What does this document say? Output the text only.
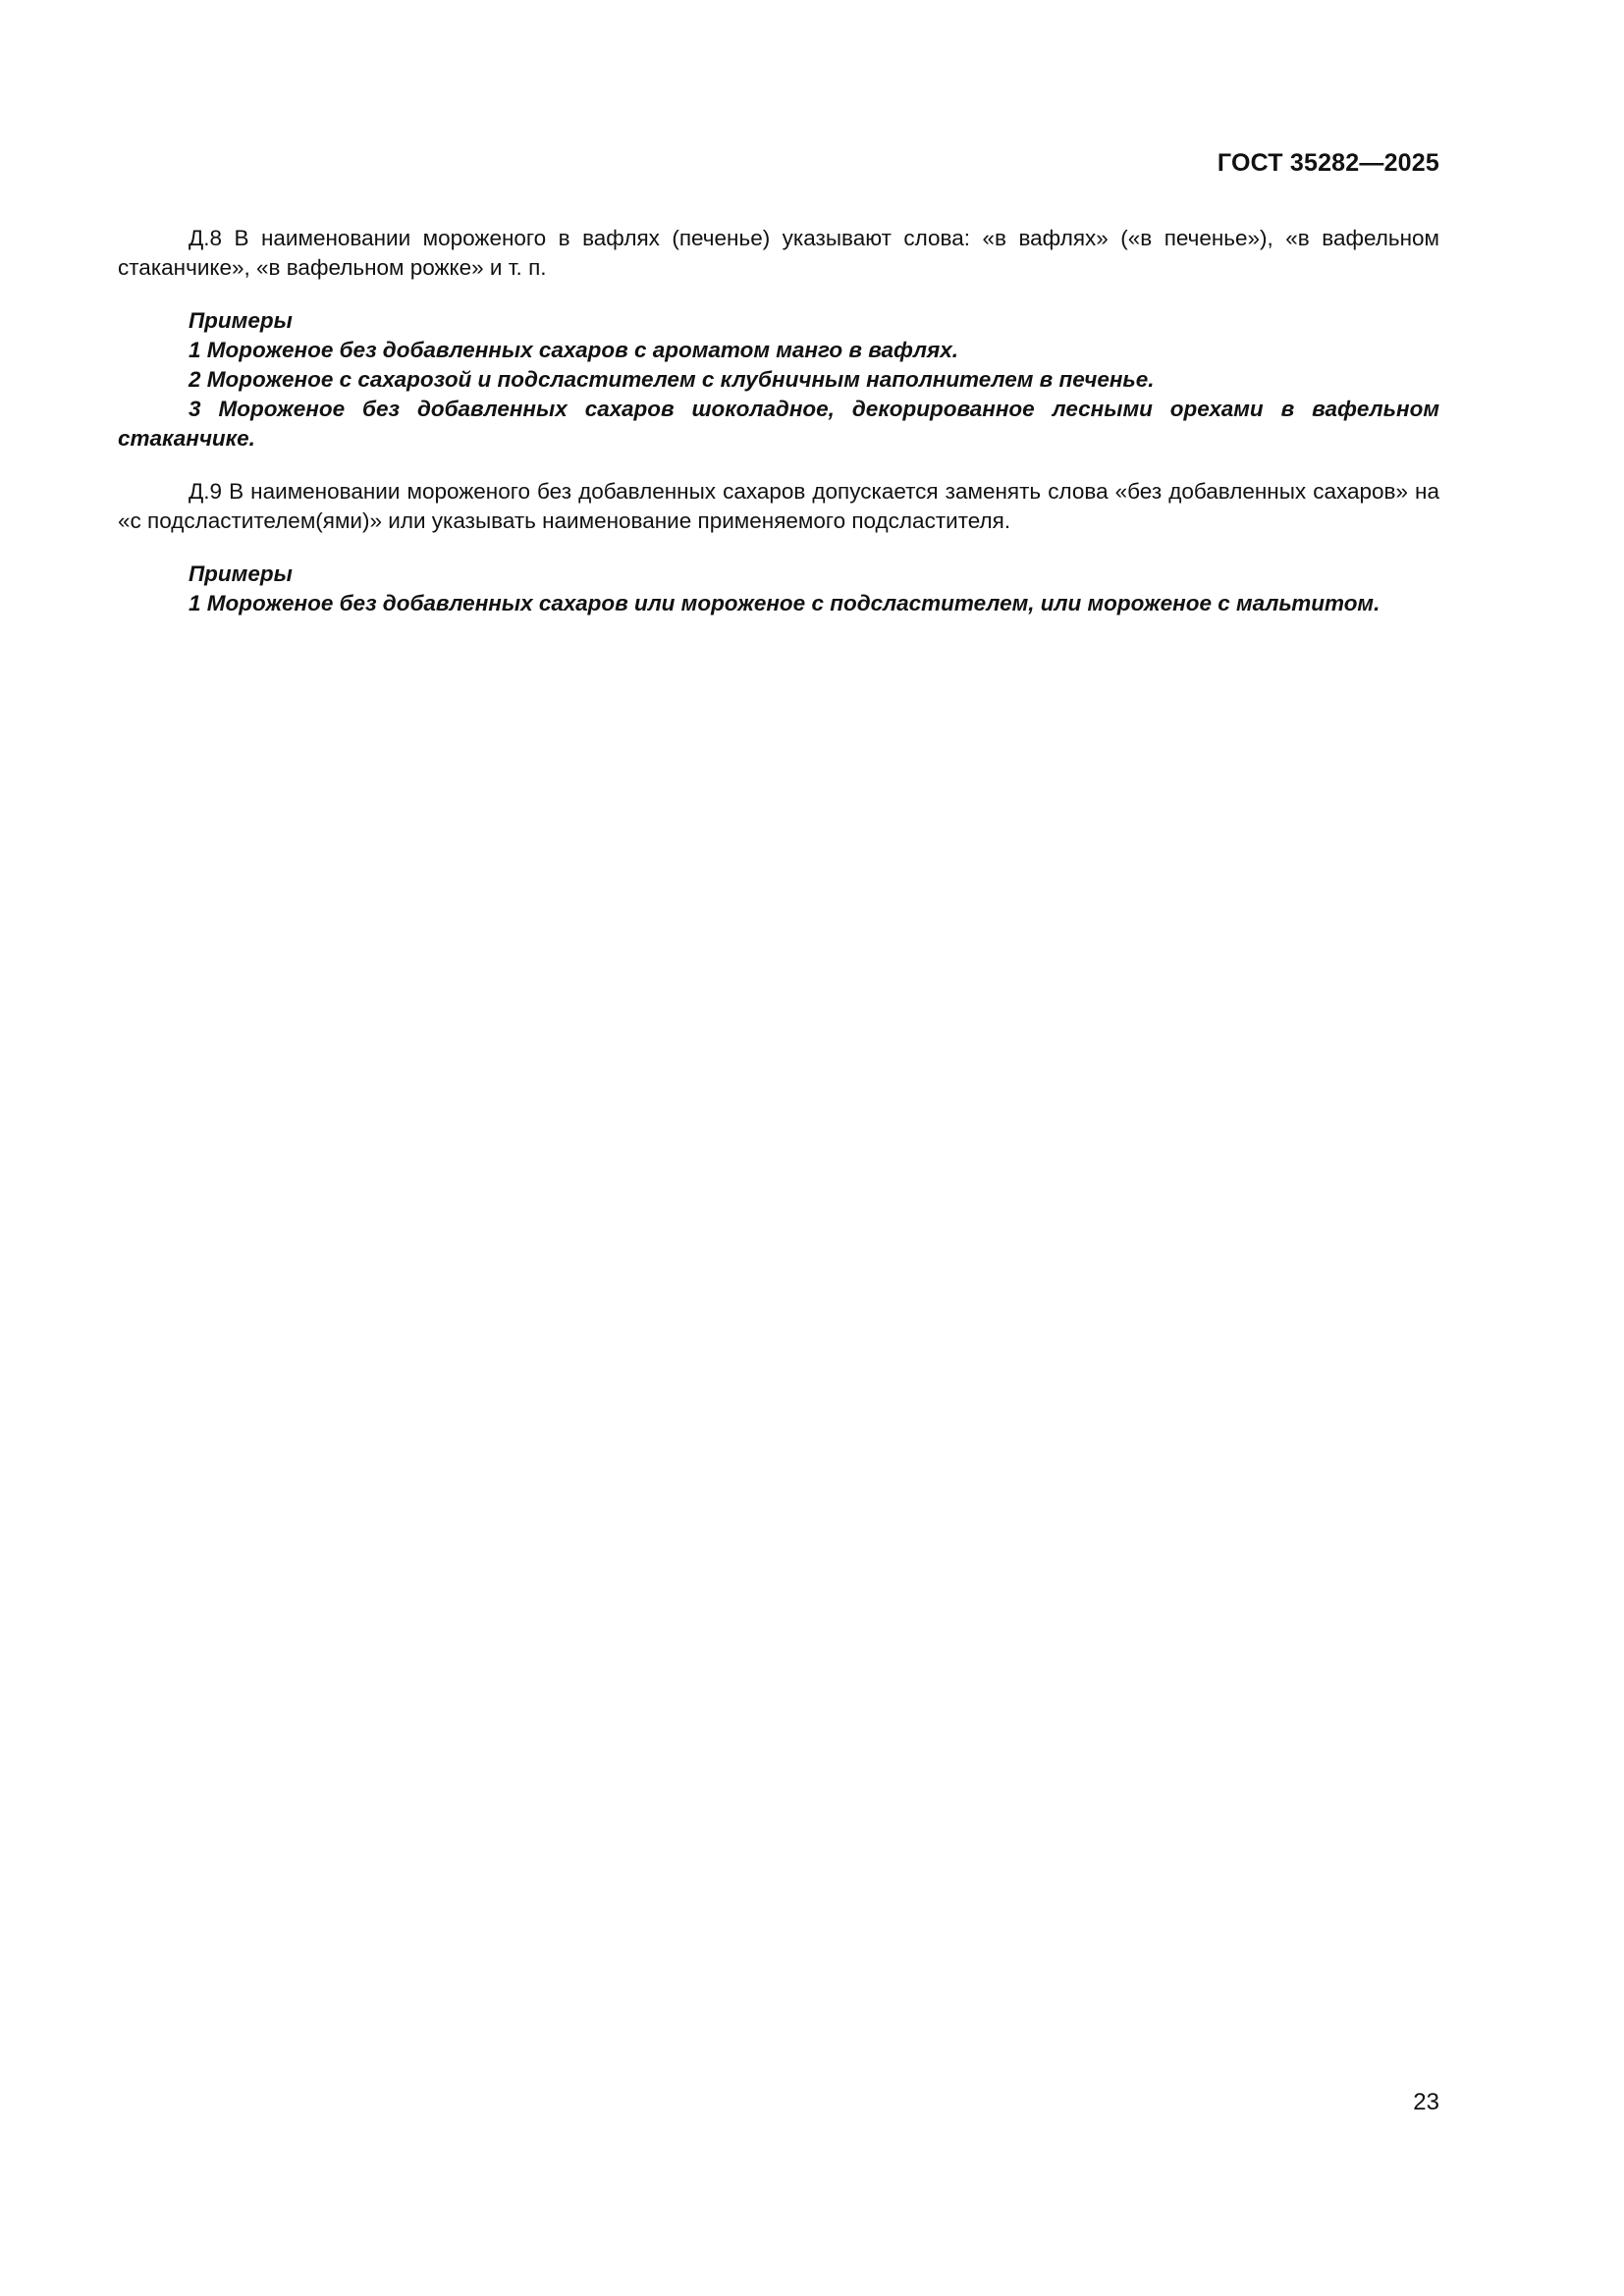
ГОСТ 35282—2025

Д.8 В наименовании мороженого в вафлях (печенье) указывают слова: «в вафлях» («в печенье»), «в вафельном стаканчике», «в вафельном рожке» и т. п.

Примеры

1 Мороженое без добавленных сахаров с ароматом манго в вафлях.

2 Мороженое с сахарозой и подсластителем с клубничным наполнителем в печенье.

3 Мороженое без добавленных сахаров шоколадное, декорированное лесными орехами в вафельном стаканчике.

Д.9 В наименовании мороженого без добавленных сахаров допускается заменять слова «без добавленных сахаров» на «с подсластителем(ями)» или указывать наименование применяемого подсластителя.

Примеры

1 Мороженое без добавленных сахаров или мороженое с подсластителем, или мороженое с мальтитом.

23
